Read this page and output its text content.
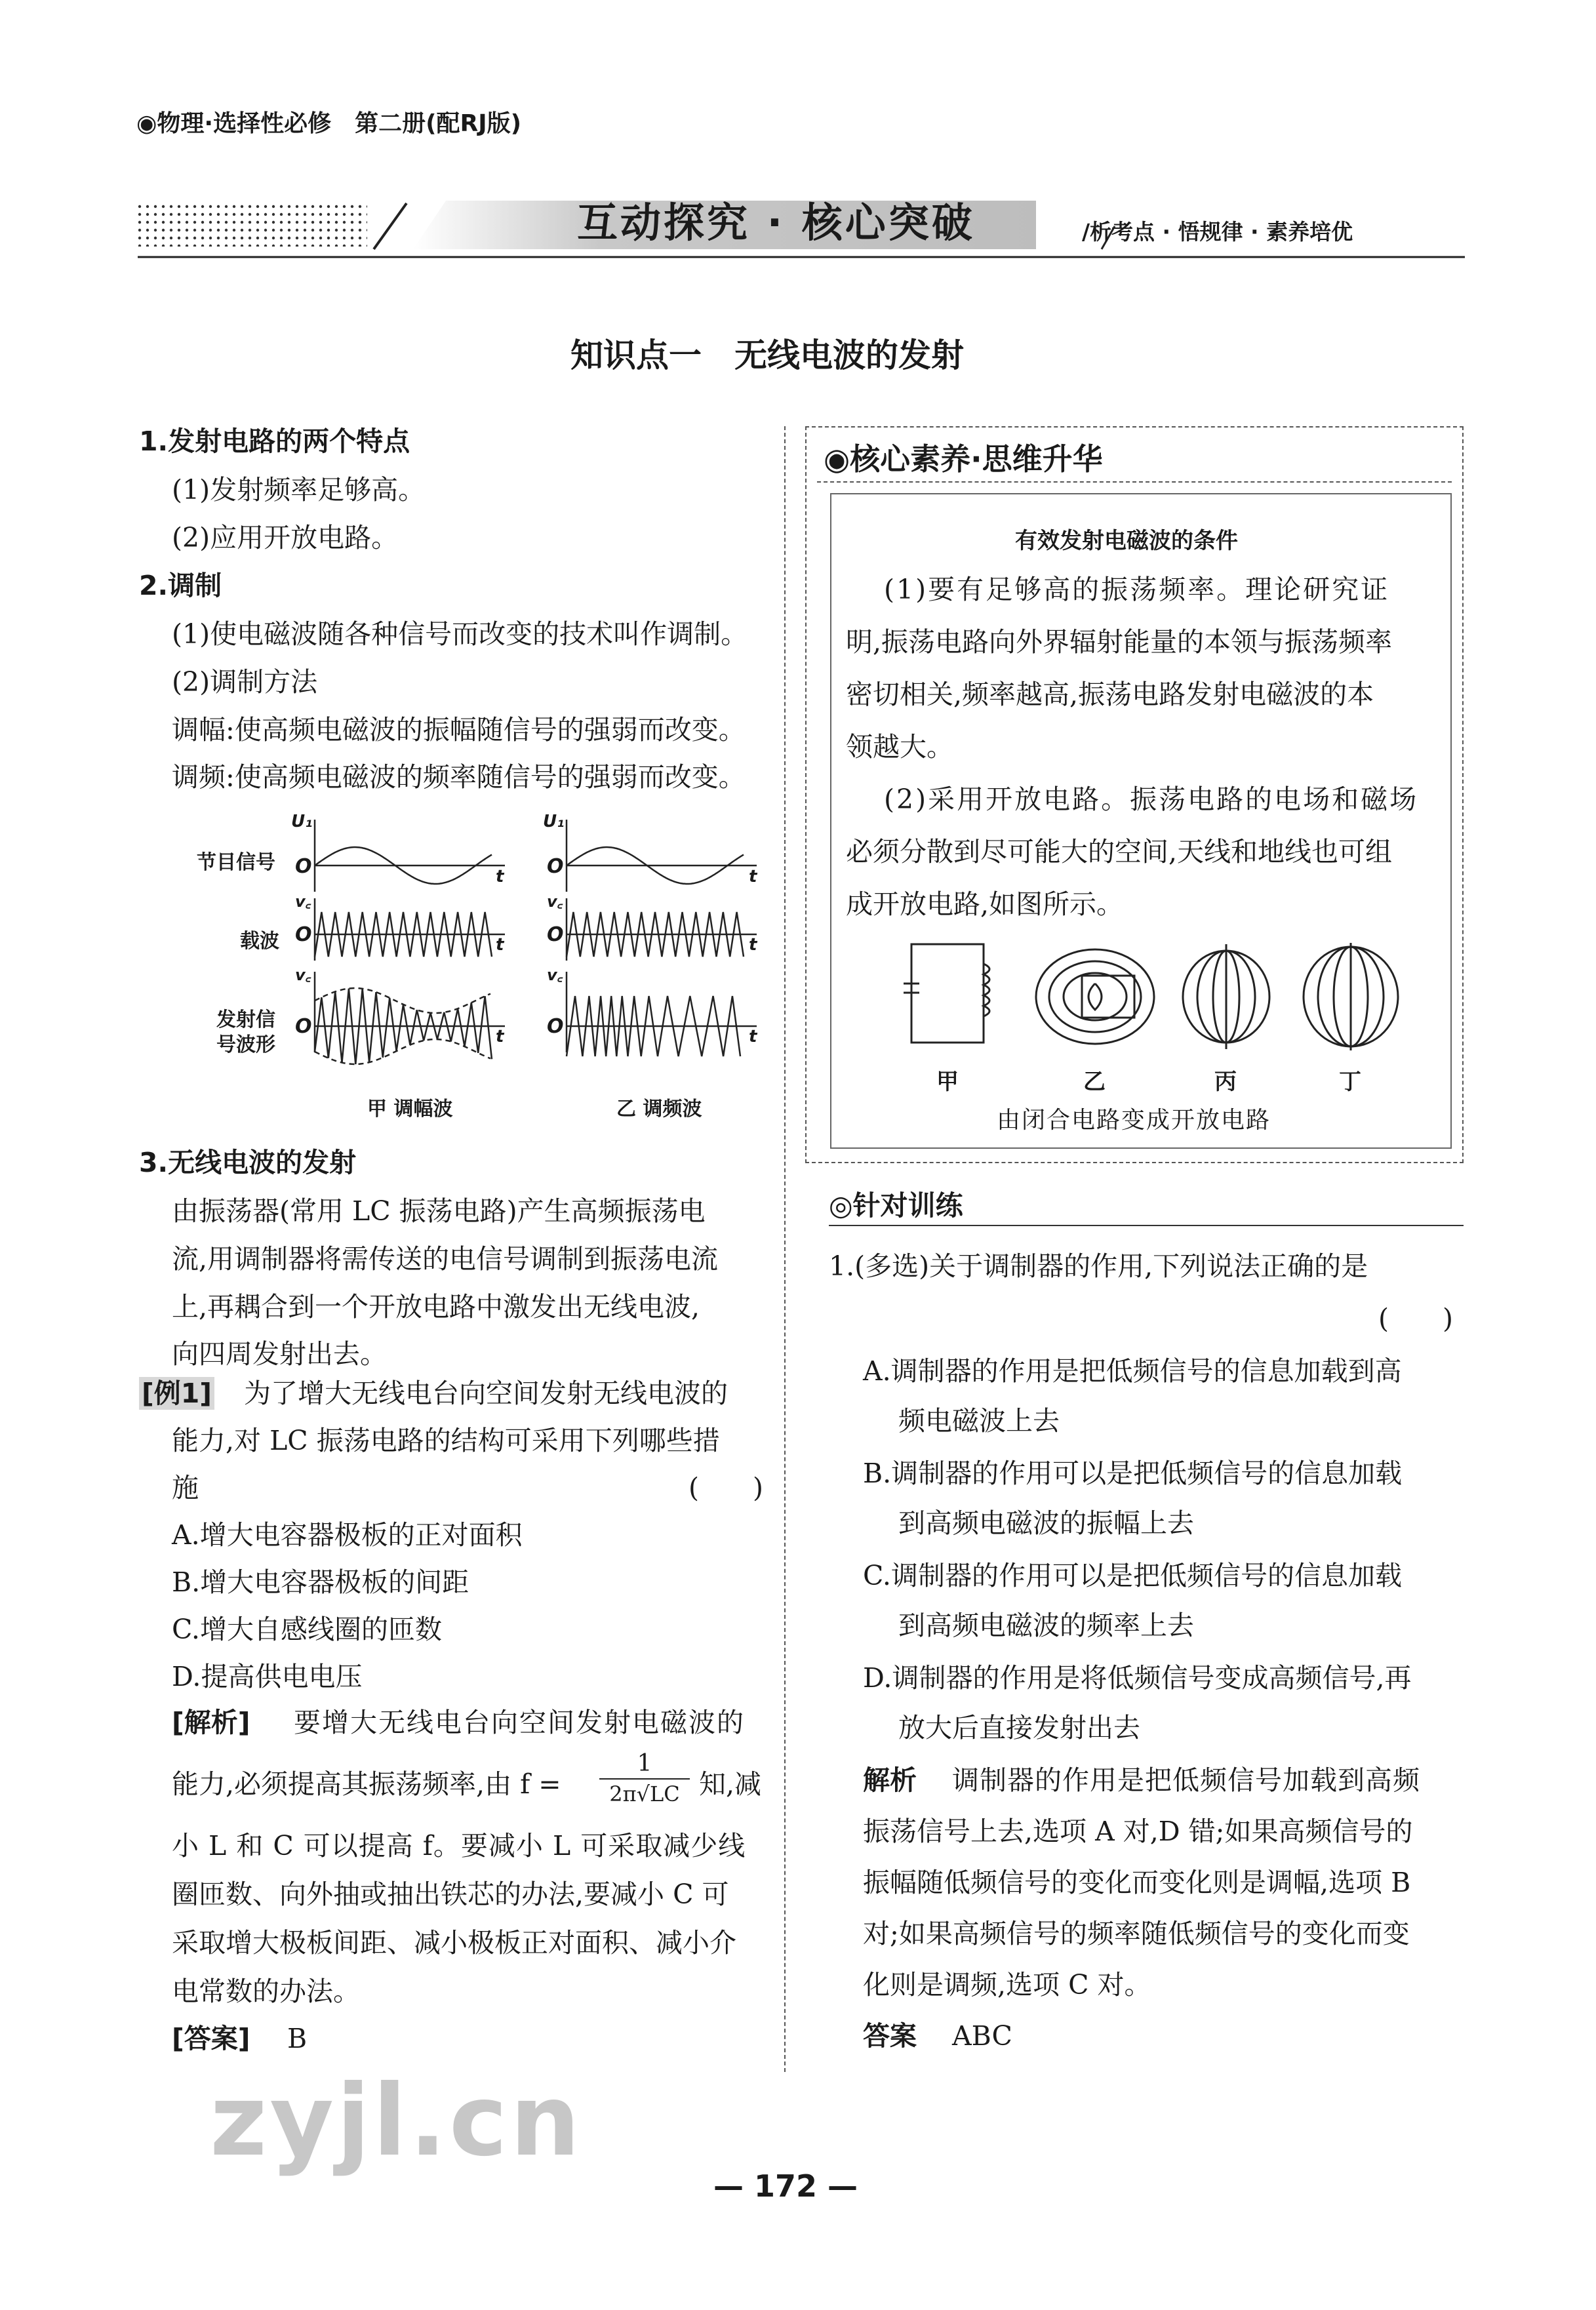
◉物理·选择性必修　第二册(配RJ版)
互动探究 · 核心突破	/析考点 · 悟规律 · 素养培优
知识点一　无线电波的发射
1.发射电路的两个特点
(1)发射频率足够高。
(2)应用开放电路。
2.调制
(1)使电磁波随各种信号而改变的技术叫作调制。
(2)调制方法
调幅:使高频电磁波的振幅随信号的强弱而改变。
调频:使高频电磁波的频率随信号的强弱而改变。
节目信号
载波
发射信
号波形
U₁
O	t
v꜀
O	t
v꜀
O	t
U₁
O	t
v꜀
O	t
v꜀
O	t
甲 调幅波	乙 调频波
3.无线电波的发射
由振荡器(常用 LC 振荡电路)产生高频振荡电
流,用调制器将需传送的电信号调制到振荡电流
上,再耦合到一个开放电路中激发出无线电波,
向四周发射出去。
[例1] 为了增大无线电台向空间发射无线电波的
能力,对 LC 振荡电路的结构可采用下列哪些措
施	(　　)
A.增大电容器极板的正对面积
B.增大电容器极板的间距
C.增大自感线圈的匝数
D.提高供电电压
[解析] 要增大无线电台向空间发射电磁波的
能力,必须提高其振荡频率,由 f =
1
2π√LC 知,减
小 L 和 C 可以提高 f。要减小 L 可采取减少线
圈匝数、向外抽或抽出铁芯的办法,要减小 C 可
采取增大极板间距、减小极板正对面积、减小介
电常数的办法。
[答案] B
◉核心素养·思维升华
有效发射电磁波的条件
(1)要有足够高的振荡频率。理论研究证
明,振荡电路向外界辐射能量的本领与振荡频率
密切相关,频率越高,振荡电路发射电磁波的本
领越大。
(2)采用开放电路。振荡电路的电场和磁场
必须分散到尽可能大的空间,天线和地线也可组
成开放电路,如图所示。
甲	乙	丙	丁
由闭合电路变成开放电路
◎针对训练
1.(多选)关于调制器的作用,下列说法正确的是
(　　)
A.调制器的作用是把低频信号的信息加载到高
频电磁波上去
B.调制器的作用可以是把低频信号的信息加载
到高频电磁波的振幅上去
C.调制器的作用可以是把低频信号的信息加载
到高频电磁波的频率上去
D.调制器的作用是将低频信号变成高频信号,再
放大后直接发射出去
解析 调制器的作用是把低频信号加载到高频
振荡信号上去,选项 A 对,D 错;如果高频信号的
振幅随低频信号的变化而变化则是调幅,选项 B
对;如果高频信号的频率随低频信号的变化而变
化则是调频,选项 C 对。
答案 ABC
zyjl.cn
— 172 —
